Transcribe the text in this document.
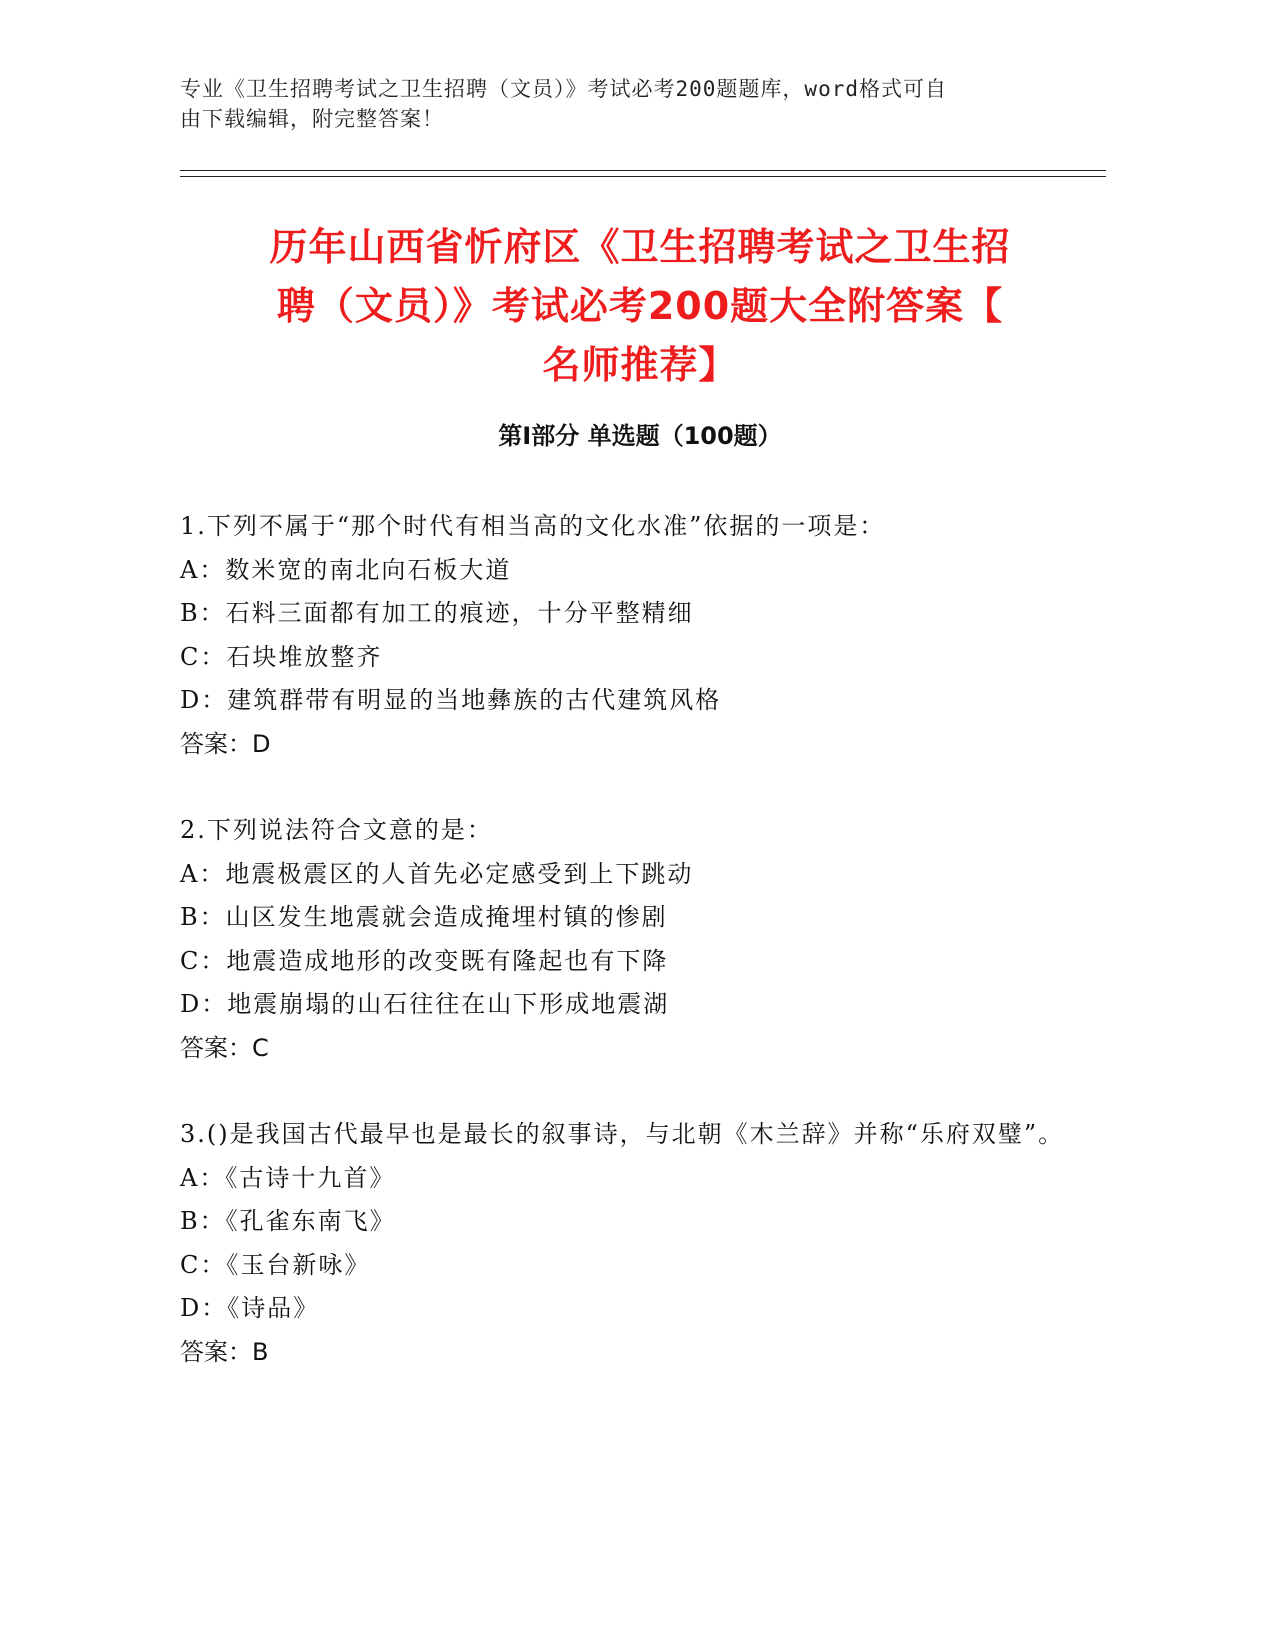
专业《卫生招聘考试之卫生招聘（文员）》考试必考200题题库，word格式可自
由下载编辑，附完整答案！
历年山西省忻府区《卫生招聘考试之卫生招
聘（文员）》考试必考200题大全附答案【
名师推荐】
第Ⅰ部分 单选题（100题）

1.下列不属于“那个时代有相当高的文化水准”依据的一项是：

A：数米宽的南北向石板大道

B：石料三面都有加工的痕迹，十分平整精细

C：石块堆放整齐

D：建筑群带有明显的当地彝族的古代建筑风格

答案：D

2.下列说法符合文意的是：

A：地震极震区的人首先必定感受到上下跳动

B：山区发生地震就会造成掩埋村镇的惨剧

C：地震造成地形的改变既有隆起也有下降

D：地震崩塌的山石往往在山下形成地震湖

答案：C

3.()是我国古代最早也是最长的叙事诗，与北朝《木兰辞》并称“乐府双璧”。

A：《古诗十九首》

B：《孔雀东南飞》

C：《玉台新咏》

D：《诗品》

答案：B
